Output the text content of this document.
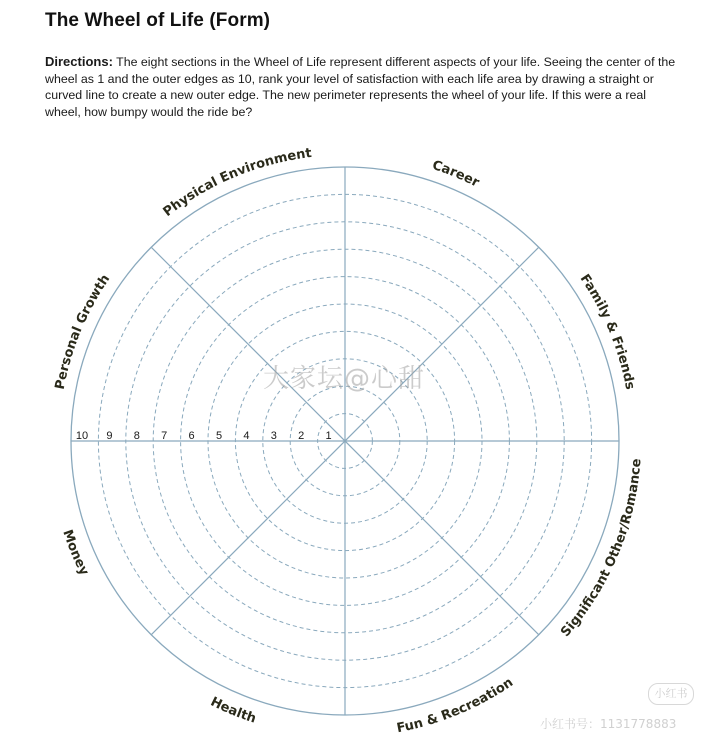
The Wheel of Life (Form)

Directions: The eight sections in the Wheel of Life represent different aspects of your life. Seeing the center of the wheel as 1 and the outer edges as 10, rank your level of satisfaction with each life area by drawing a straight or curved line to create a new outer edge. The new perimeter represents the wheel of your life. If this were a real wheel, how bumpy would the ride be?

10 9 8 7 6 5 4 3 2 1
Career
Family & Friends
Significant Other/Romance
Fun & Recreation
Health
Money
Personal Growth
Physical Environment
大家坛@心甜
小红书
小红书号：1131778883
